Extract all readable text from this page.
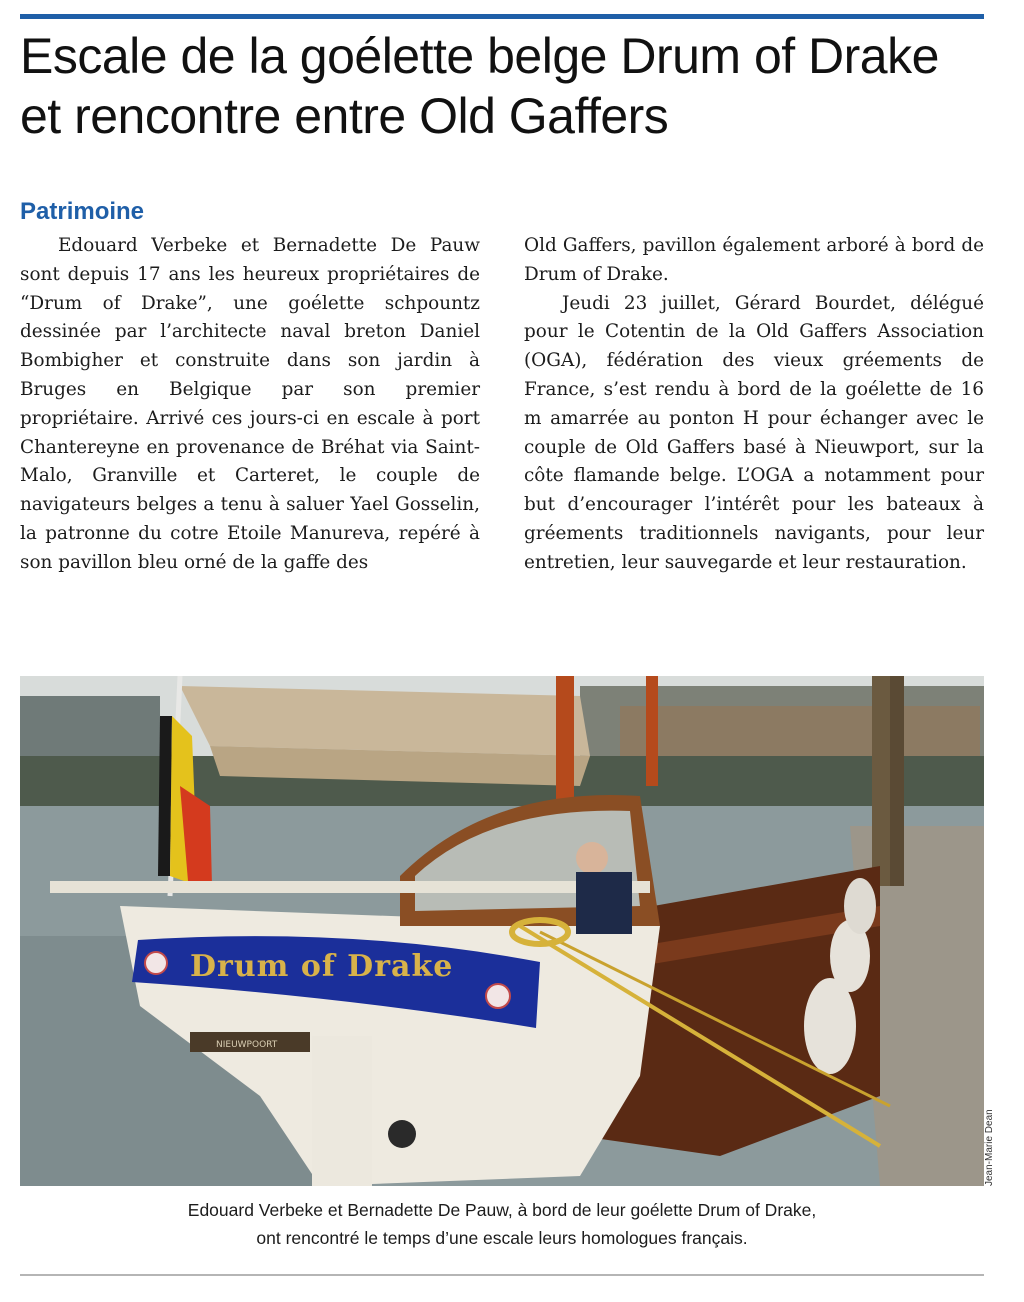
Escale de la goélette belge Drum of Drake et rencontre entre Old Gaffers
Patrimoine

Edouard Verbeke et Bernadette De Pauw sont depuis 17 ans les heureux propriétaires de “Drum of Drake”, une goélette schpountz dessinée par l’architecte naval breton Daniel Bombigher et construite dans son jardin à Bruges en Belgique par son premier propriétaire. Arrivé ces jours-ci en escale à port Chantereyne en provenance de Bréhat via Saint-Malo, Granville et Carteret, le couple de navigateurs belges a tenu à saluer Yael Gosselin, la patronne du cotre Etoile Manureva, repéré à son pavillon bleu orné de la gaffe des

Old Gaffers, pavillon également arboré à bord de Drum of Drake.

Jeudi 23 juillet, Gérard Bourdet, délégué pour le Cotentin de la Old Gaffers Association (OGA), fédération des vieux gréements de France, s’est rendu à bord de la goélette de 16 m amarrée au ponton H pour échanger avec le couple de Old Gaffers basé à Nieuwport, sur la côte flamande belge. L’OGA a notamment pour but d’encourager l’intérêt pour les bateaux à gréements traditionnels navigants, pour leur entretien, leur sauvegarde et leur restauration.

Drum of Drake
NIEUWPOORT
Jean-Marie Dean
Edouard Verbeke et Bernadette De Pauw, à bord de leur goélette Drum of Drake,
ont rencontré le temps d’une escale leurs homologues français.
